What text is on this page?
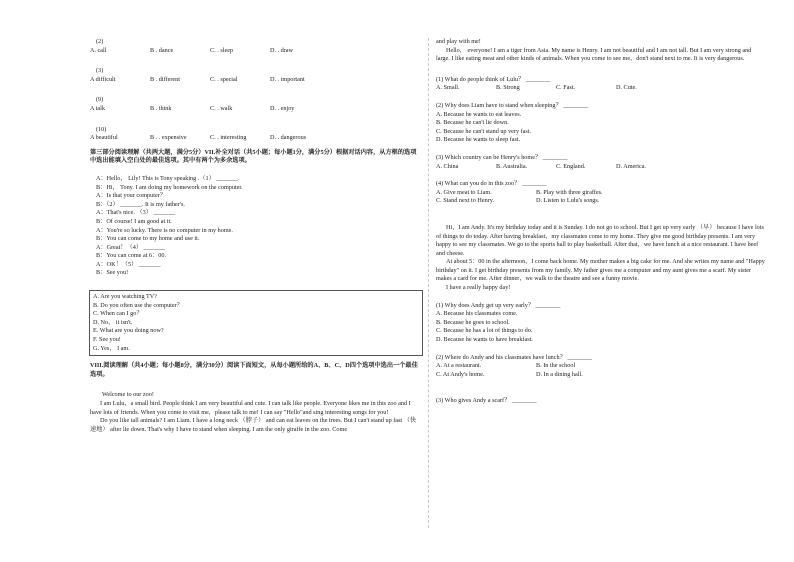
(2)

A. call	B . dance	C. . sleep	D. . draw

(3)

A difficult	B . different	C. . special	D. . important

(9)

A talk	B . think	C. . walk	D. . enjoy

(10)

A beautiful	B . . expensive	C. . interesting	D. . dangerous

第三部分阅读理解（共两大题，满分5分）VII.补全对话（共5小题；每小题1分，满分5分）根据对话内容，从方框的选项中选出能填入空白处的最佳选项。其中有两个为多余选项。

A：Hello， Lily! This is Tony speaking .（1） _______.

B：Hi， Tony. I am doing my homework on the computer.

A：Is that your computer？

B：（2） _______. It is my father's.

A：That's nice. （3） _______

B：Of course! I am good at it.

A：You're so lucky. There is no computer in my home.

B：You can come to my home and use it.

A：Great！（4） _______

B：You can come at 6：00.

A：OK！（5） _______

B：See you!

A. Are you watching TV?

B. Do you often use the computer？

C. When can I go？

D. No， it isn't.

E. What are you doing now?

F. See you!

G. Yes， I am.

VIII.阅读理解（共4小题；每小题8分，满分30分）阅读下面短文，从每小题所给的A、B、C、D四个选项中选出一个最佳选项。

Welcome to our zoo!

I am Lulu，a small bird. People think I am very beautiful and cute. I can talk like people. Everyone likes me in this zoo and I have lots of friends. When you come to visit me，please talk to me! I can say "Hello"and sing interesting songs for you!

Do you like tall animals? I am Liam. I have a long neck （脖子） and can eat leaves on the trees. But I can't stand up fast （快速地） after lie down. That's why I have to stand when sleeping. I am the only giraffe in the zoo. Come

and play with me!

Hello， everyone! I am a tiger from Asia. My name is Henry. I am not beautiful and I am not tall. But I am very strong and large. I like eating meat and other kinds of animals. When you come to see me，don't stand next to me. It is very dangerous.

(1) What do people think of Lulu？ ________

A. Small.	B. Strong	C. Fast.	D. Cute.

(2) Why does Liam have to stand when sleeping？ ________

A. Because he wants to eat leaves.

B. Because he can't lie down.

C. Because he can't stand up very fast.

D. Because he wants to sleep fast.

(3) Which country can be Henry's home？ ________

A. China	B. Australia.	C. England.	D. America.

(4) What can you do in this zoo？ ________

A. Give meat to Liam.	B. Play with three giraffes.
C. Stand next to Henry.	D. Listen to Lulu's songs.

Hi，I am Andy. It's my birthday today and it is Sunday. I do not go to school. But I get up very early （早） because I have lots of things to do today. After having breakfast，my classmates come to my home. They give me good birthday presents. I am very happy to see my classmates. We go to the sports hall to play basketball. After that，we have lunch at a nice restaurant. I have beef and cheese.

At about 5：00 in the afternoon，I come back home. My mother makes a big cake for me. And she writes my name and "Happy birthday" on it. I get birthday presents from my family. My father gives me a computer and my aunt gives me a scarf. My sister makes a card for me. After dinner，we walk to the theatre and see a funny movie.

I have a really happy day!

(1) Why does Andy get up very early？ ________

A. Because his classmates come.

B. Because he goes to school.

C. Because he has a lot of things to do.

D. Because he wants to have breakfast.

(2) Where do Andy and his classmates have lunch？ ________

A. At a restaurant.	B. In the school
C. At Andy's home.	D. In a dining hall.

(3) Who gives Andy a scarf？ ________
